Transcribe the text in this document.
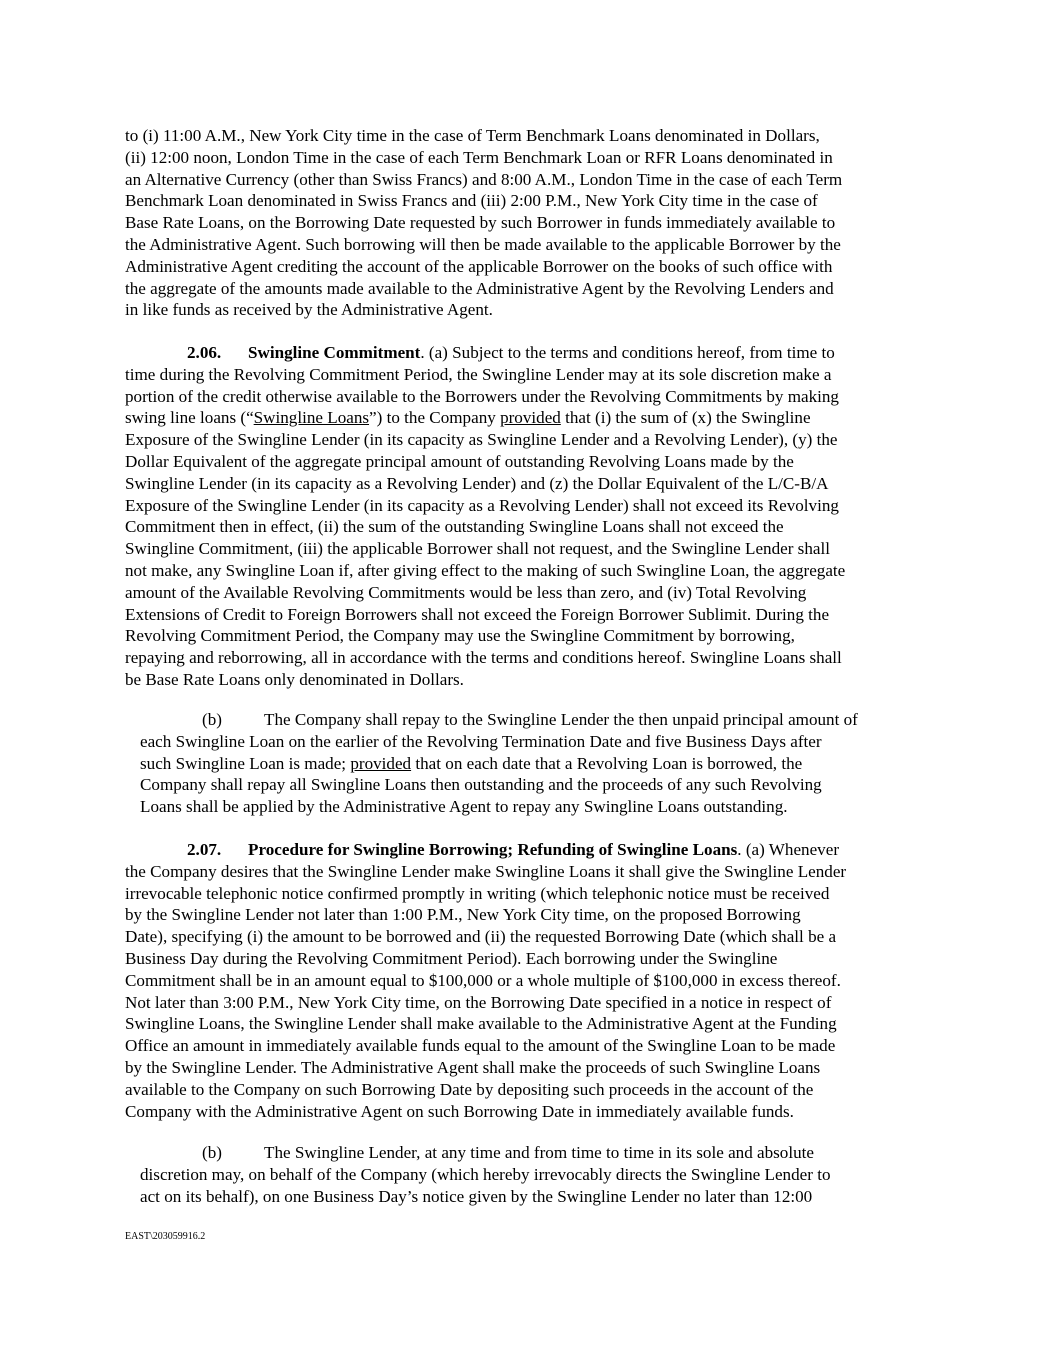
to (i) 11:00 A.M., New York City time in the case of Term Benchmark Loans denominated in Dollars,
(ii) 12:00 noon, London Time in the case of each Term Benchmark Loan or RFR Loans denominated in
an Alternative Currency (other than Swiss Francs) and 8:00 A.M., London Time in the case of each Term
Benchmark Loan denominated in Swiss Francs and (iii) 2:00 P.M., New York City time in the case of
Base Rate Loans, on the Borrowing Date requested by such Borrower in funds immediately available to
the Administrative Agent. Such borrowing will then be made available to the applicable Borrower by the
Administrative Agent crediting the account of the applicable Borrower on the books of such office with
the aggregate of the amounts made available to the Administrative Agent by the Revolving Lenders and
in like funds as received by the Administrative Agent.
2.06. Swingline Commitment. (a) Subject to the terms and conditions hereof, from time to
time during the Revolving Commitment Period, the Swingline Lender may at its sole discretion make a
portion of the credit otherwise available to the Borrowers under the Revolving Commitments by making
swing line loans (“Swingline Loans”) to the Company provided that (i) the sum of (x) the Swingline
Exposure of the Swingline Lender (in its capacity as Swingline Lender and a Revolving Lender), (y) the
Dollar Equivalent of the aggregate principal amount of outstanding Revolving Loans made by the
Swingline Lender (in its capacity as a Revolving Lender) and (z) the Dollar Equivalent of the L/C-B/A
Exposure of the Swingline Lender (in its capacity as a Revolving Lender) shall not exceed its Revolving
Commitment then in effect, (ii) the sum of the outstanding Swingline Loans shall not exceed the
Swingline Commitment, (iii) the applicable Borrower shall not request, and the Swingline Lender shall
not make, any Swingline Loan if, after giving effect to the making of such Swingline Loan, the aggregate
amount of the Available Revolving Commitments would be less than zero, and (iv) Total Revolving
Extensions of Credit to Foreign Borrowers shall not exceed the Foreign Borrower Sublimit. During the
Revolving Commitment Period, the Company may use the Swingline Commitment by borrowing,
repaying and reborrowing, all in accordance with the terms and conditions hereof. Swingline Loans shall
be Base Rate Loans only denominated in Dollars.
(b) The Company shall repay to the Swingline Lender the then unpaid principal amount of
each Swingline Loan on the earlier of the Revolving Termination Date and five Business Days after
such Swingline Loan is made; provided that on each date that a Revolving Loan is borrowed, the
Company shall repay all Swingline Loans then outstanding and the proceeds of any such Revolving
Loans shall be applied by the Administrative Agent to repay any Swingline Loans outstanding.
2.07. Procedure for Swingline Borrowing; Refunding of Swingline Loans. (a) Whenever
the Company desires that the Swingline Lender make Swingline Loans it shall give the Swingline Lender
irrevocable telephonic notice confirmed promptly in writing (which telephonic notice must be received
by the Swingline Lender not later than 1:00 P.M., New York City time, on the proposed Borrowing
Date), specifying (i) the amount to be borrowed and (ii) the requested Borrowing Date (which shall be a
Business Day during the Revolving Commitment Period). Each borrowing under the Swingline
Commitment shall be in an amount equal to $100,000 or a whole multiple of $100,000 in excess thereof.
Not later than 3:00 P.M., New York City time, on the Borrowing Date specified in a notice in respect of
Swingline Loans, the Swingline Lender shall make available to the Administrative Agent at the Funding
Office an amount in immediately available funds equal to the amount of the Swingline Loan to be made
by the Swingline Lender. The Administrative Agent shall make the proceeds of such Swingline Loans
available to the Company on such Borrowing Date by depositing such proceeds in the account of the
Company with the Administrative Agent on such Borrowing Date in immediately available funds.
(b) The Swingline Lender, at any time and from time to time in its sole and absolute
discretion may, on behalf of the Company (which hereby irrevocably directs the Swingline Lender to
act on its behalf), on one Business Day’s notice given by the Swingline Lender no later than 12:00
EAST\203059916.2
